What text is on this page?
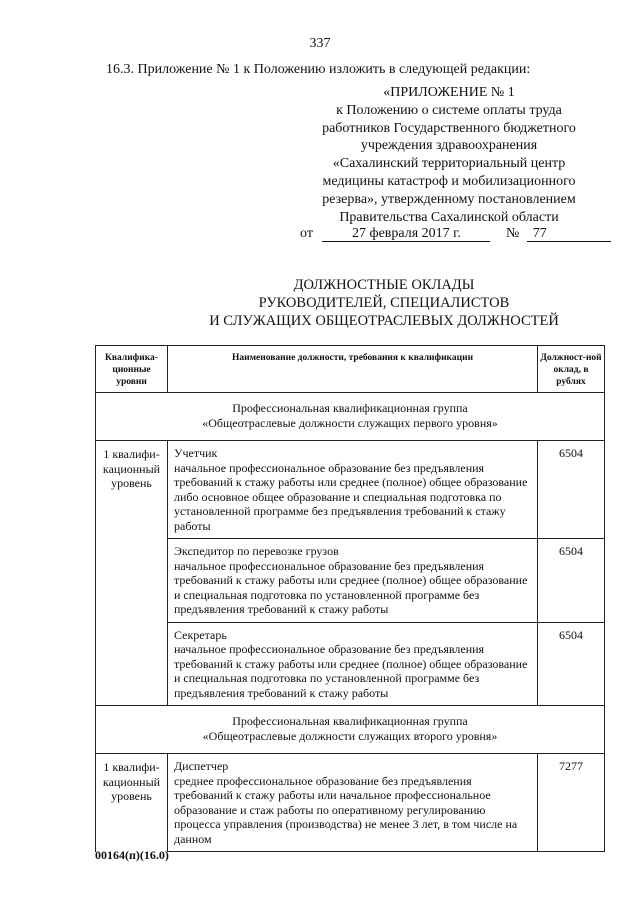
337
16.3. Приложение № 1 к Положению изложить в следующей редакции:
«ПРИЛОЖЕНИЕ № 1
к Положению о системе оплаты труда
работников Государственного бюджетного
учреждения здравоохранения
«Сахалинский территориальный центр
медицины катастроф и мобилизационного
резерва», утвержденному постановлением
Правительства Сахалинской области
от	27 февраля 2017 г.	№ 77
ДОЛЖНОСТНЫЕ ОКЛАДЫ
РУКОВОДИТЕЛЕЙ, СПЕЦИАЛИСТОВ
И СЛУЖАЩИХ ОБЩЕОТРАСЛЕВЫХ ДОЛЖНОСТЕЙ
Квалифика-ционные уровни	Наименование должности, требования к квалификации	Должност-ной оклад, в рублях

Профессиональная квалификационная группа
«Общеотраслевые должности служащих первого уровня»		

1 квалифи-кационный уровень	Учетчик
начальное профессиональное образование без предъявления требований к стажу работы или среднее (полное) общее образование либо основное общее образование и специальная подготовка по установленной программе без предъявления требований к стажу работы	6504

	Экспедитор по перевозке грузов
начальное профессиональное образование без предъявления требований к стажу работы или среднее (полное) общее образование и специальная подготовка по установленной программе без предъявления требований к стажу работы	6504

	Секретарь
начальное профессиональное образование без предъявления требований к стажу работы или среднее (полное) общее образование и специальная подготовка по установленной программе без предъявления требований к стажу работы	6504

Профессиональная квалификационная группа
«Общеотраслевые должности служащих второго уровня»		

1 квалифи-кационный уровень	Диспетчер
среднее профессиональное образование без предъявления требований к стажу работы или начальное профессиональное образование и стаж работы по оперативному регулированию процесса управления (производства) не менее 3 лет, в том числе на данном	7277
00164(п)(16.0)
